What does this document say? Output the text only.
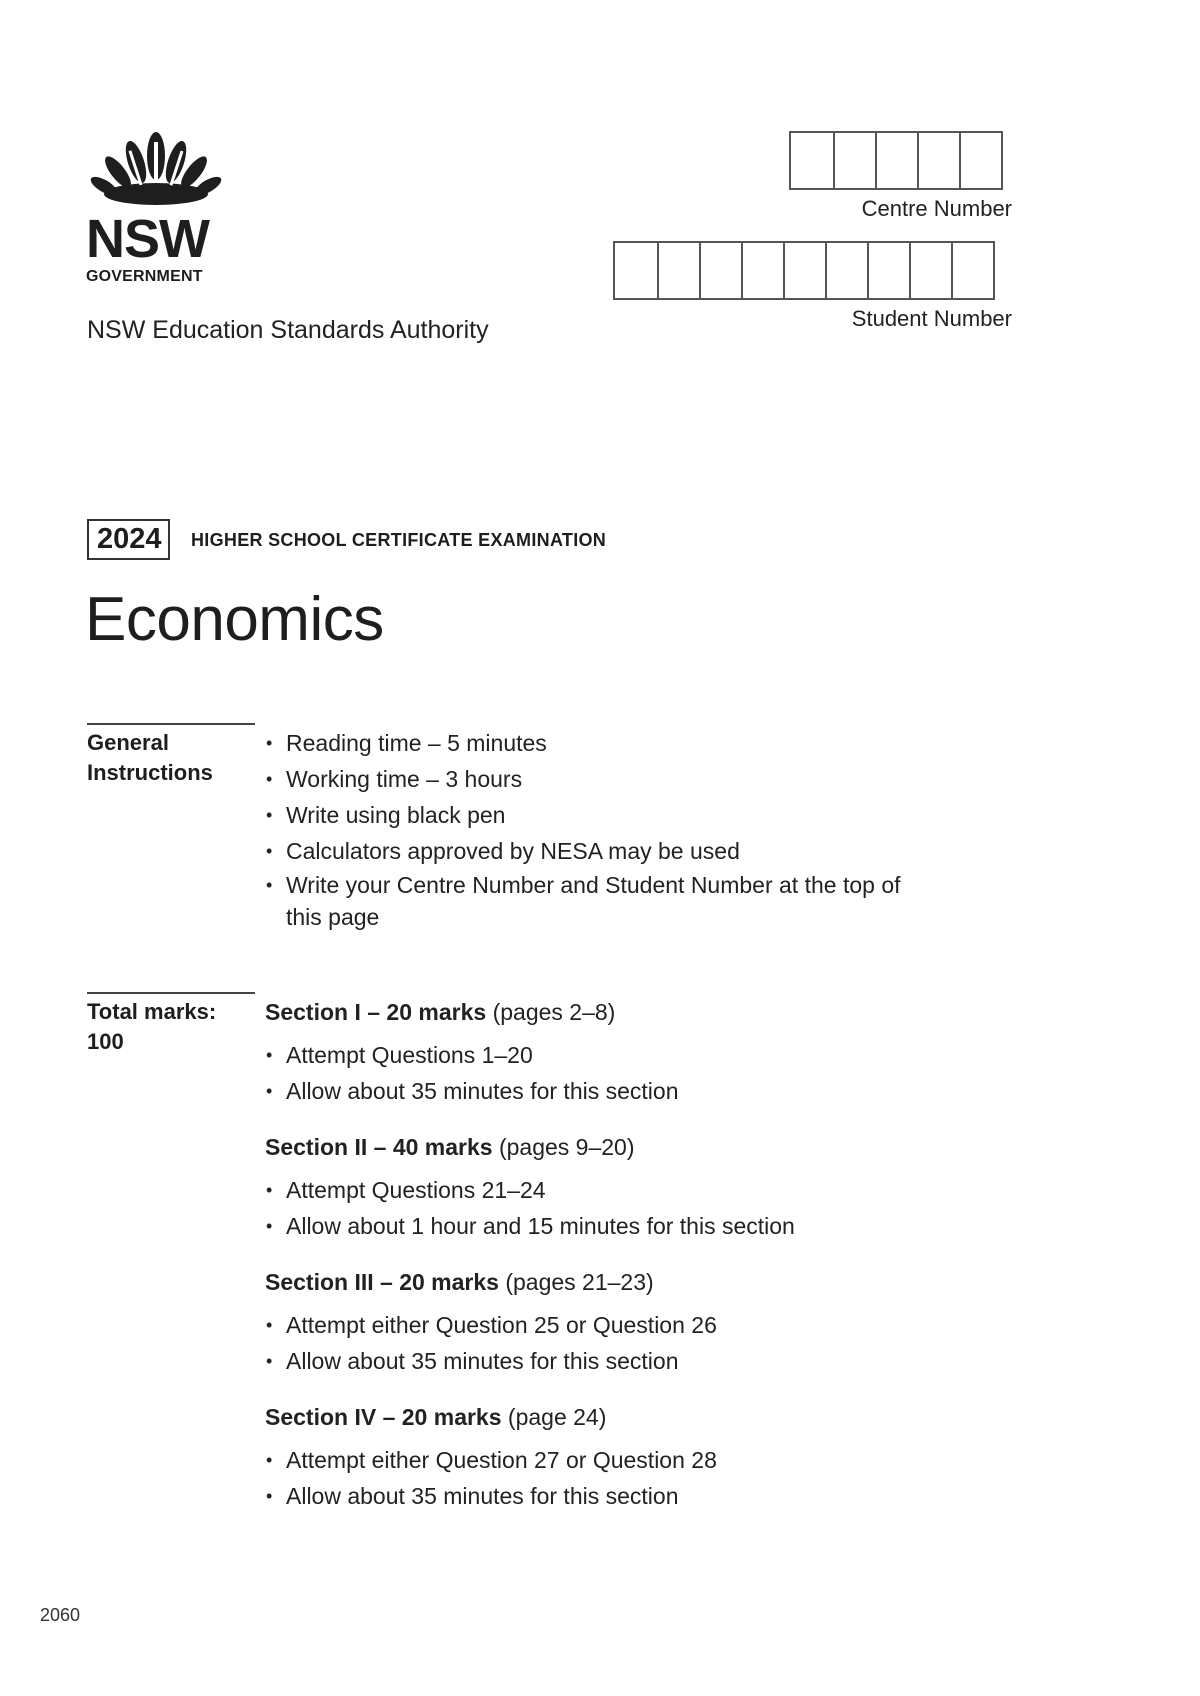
NSW
GOVERNMENT
NSW Education Standards Authority
Centre Number
Student Number
2024	HIGHER SCHOOL CERTIFICATE EXAMINATION
Economics
General
Instructions
• Reading time – 5 minutes
• Working time – 3 hours
• Write using black pen
• Calculators approved by NESA may be used
• Write your Centre Number and Student Number at the top of this page
Total marks:
100
Section I – 20 marks (pages 2–8)
• Attempt Questions 1–20
• Allow about 35 minutes for this section
Section II – 40 marks (pages 9–20)
• Attempt Questions 21–24
• Allow about 1 hour and 15 minutes for this section
Section III – 20 marks (pages 21–23)
• Attempt either Question 25 or Question 26
• Allow about 35 minutes for this section
Section IV – 20 marks (page 24)
• Attempt either Question 27 or Question 28
• Allow about 35 minutes for this section
2060
